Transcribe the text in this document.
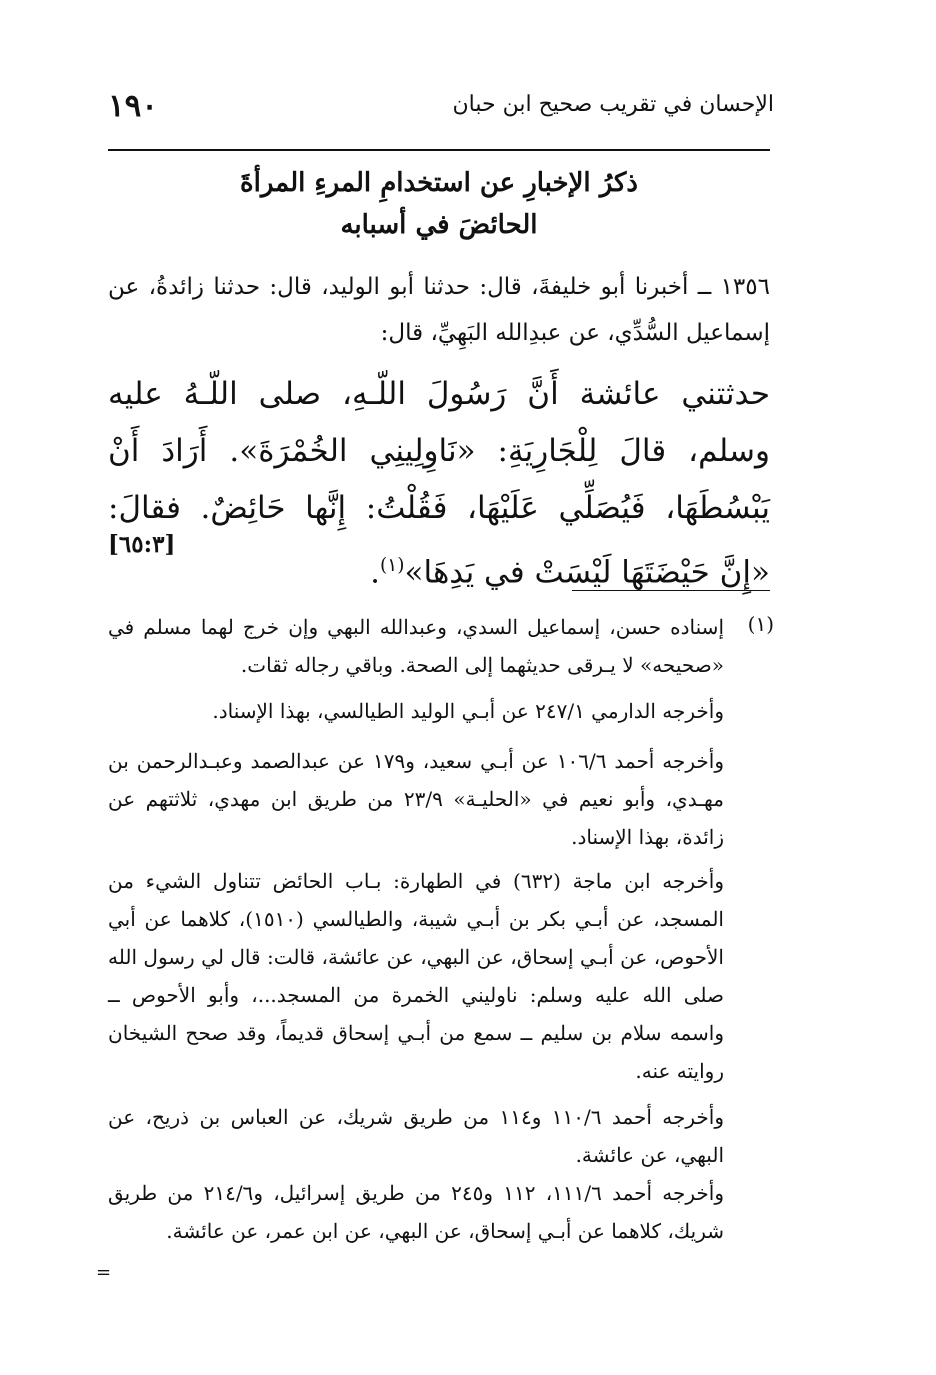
١٩٠	الإحسان في تقريب صحيح ابن حبان
ذكرُ الإخبارِ عن استخدامِ المرءِ المرأةَ
الحائضَ في أسبابه
١٣٥٦ ــ أخبرنا أبو خليفةَ، قال: حدثنا أبو الوليد، قال: حدثنا زائدةُ، عن إسماعيل السُّدِّي، عن عبدِالله البَهِيِّ، قال:
حدثتني عائشة أَنَّ رَسُولَ اللّـهِ، صلى اللّـهُ عليه وسلم، قالَ لِلْجَارِيَةِ: «نَاوِلِينِي الخُمْرَةَ». أَرَادَ أَنْ يَبْسُطَهَا، فَيُصَلِّي عَلَيْهَا، فَقُلْتُ: إِنَّها حَائِضٌ. فقالَ: «إِنَّ حَيْضَتَهَا لَيْسَتْ في يَدِهَا»$^{(١)}$.
[٦٥:٣]
(١)
إسناده حسن، إسماعيل السدي، وعبدالله البهي وإن خرج لهما مسلم في «صحيحه» لا يـرقى حديثهما إلى الصحة. وباقي رجاله ثقات.
وأخرجه الدارمي ٢٤٧/١ عن أبـي الوليد الطيالسي، بهذا الإسناد.
وأخرجه أحمد ١٠٦/٦ عن أبـي سعيد، و١٧٩ عن عبدالصمد وعبـدالرحمن بن مهـدي، وأبو نعيم في «الحليـة» ٢٣/٩ من طريق ابن مهدي، ثلاثتهم عن زائدة، بهذا الإسناد.
وأخرجه ابن ماجة (٦٣٢) في الطهارة: بـاب الحائض تتناول الشيء من المسجد، عن أبـي بكر بن أبـي شيبة، والطيالسي (١٥١٠)، كلاهما عن أبي الأحوص، عن أبـي إسحاق، عن البهي، عن عائشة، قالت: قال لي رسول الله صلى الله عليه وسلم: ناوليني الخمرة من المسجد...، وأبو الأحوص ــ واسمه سلام بن سليم ــ سمع من أبـي إسحاق قديماً، وقد صحح الشيخان روايته عنه.
وأخرجه أحمد ١١٠/٦ و١١٤ من طريق شريك، عن العباس بن ذريح، عن البهي، عن عائشة.
وأخرجه أحمد ١١١/٦، ١١٢ و٢٤٥ من طريق إسرائيل، و٢١٤/٦ من طريق شريك، كلاهما عن أبـي إسحاق، عن البهي، عن ابن عمر، عن عائشة.
=
